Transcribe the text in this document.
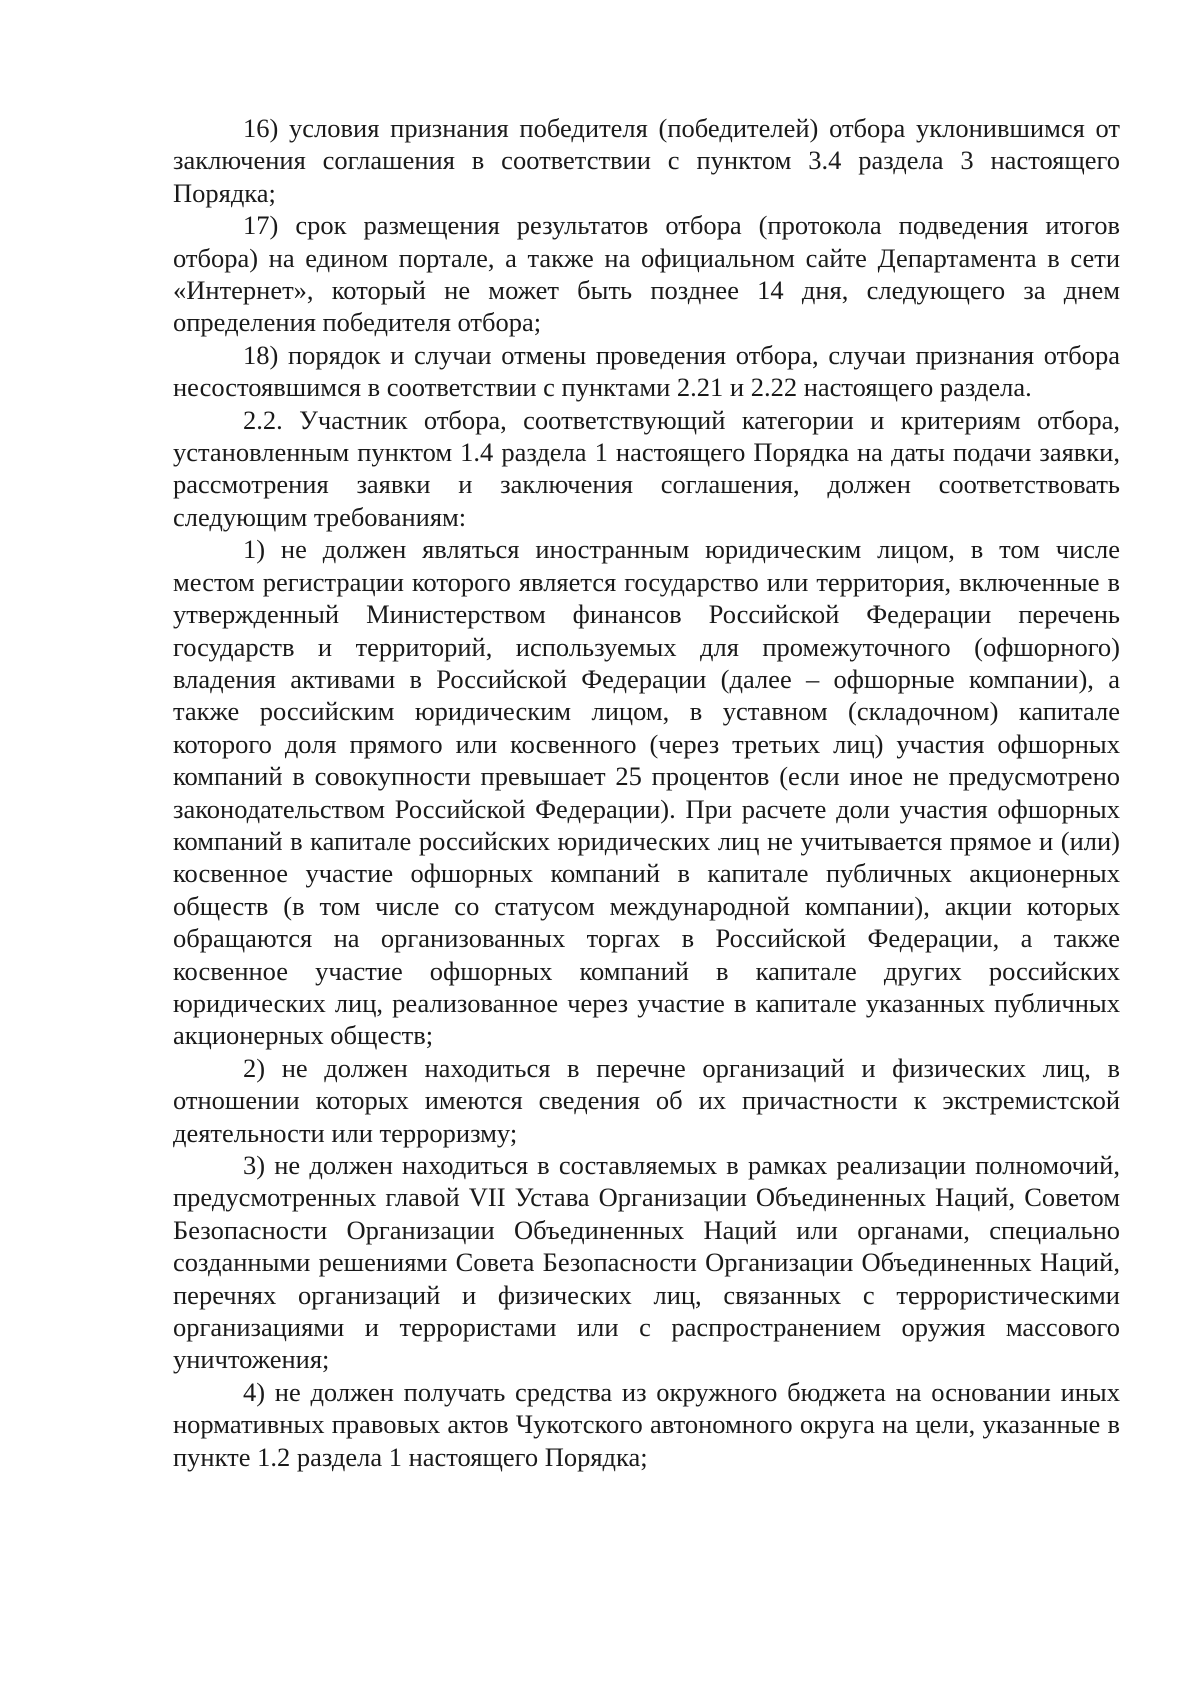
16) условия признания победителя (победителей) отбора уклонившимся от заключения соглашения в соответствии с пунктом 3.4 раздела 3 настоящего Порядка;

17) срок размещения результатов отбора (протокола подведения итогов отбора) на едином портале, а также на официальном сайте Департамента в сети «Интернет», который не может быть позднее 14 дня, следующего за днем определения победителя отбора;

18) порядок и случаи отмены проведения отбора, случаи признания отбора несостоявшимся в соответствии с пунктами 2.21 и 2.22 настоящего раздела.

2.2. Участник отбора, соответствующий категории и критериям отбора, установленным пунктом 1.4 раздела 1 настоящего Порядка на даты подачи заявки, рассмотрения заявки и заключения соглашения, должен соответствовать следующим требованиям:

1) не должен являться иностранным юридическим лицом, в том числе местом регистрации которого является государство или территория, включенные в утвержденный Министерством финансов Российской Федерации перечень государств и территорий, используемых для промежуточного (офшорного) владения активами в Российской Федерации (далее – офшорные компании), а также российским юридическим лицом, в уставном (складочном) капитале которого доля прямого или косвенного (через третьих лиц) участия офшорных компаний в совокупности превышает 25 процентов (если иное не предусмотрено законодательством Российской Федерации). При расчете доли участия офшорных компаний в капитале российских юридических лиц не учитывается прямое и (или) косвенное участие офшорных компаний в капитале публичных акционерных обществ (в том числе со статусом международной компании), акции которых обращаются на организованных торгах в Российской Федерации, а также косвенное участие офшорных компаний в капитале других российских юридических лиц, реализованное через участие в капитале указанных публичных акционерных обществ;

2) не должен находиться в перечне организаций и физических лиц, в отношении которых имеются сведения об их причастности к экстремистской деятельности или терроризму;

3) не должен находиться в составляемых в рамках реализации полномочий, предусмотренных главой VII Устава Организации Объединенных Наций, Советом Безопасности Организации Объединенных Наций или органами, специально созданными решениями Совета Безопасности Организации Объединенных Наций, перечнях организаций и физических лиц, связанных с террористическими организациями и террористами или с распространением оружия массового уничтожения;

4) не должен получать средства из окружного бюджета на основании иных нормативных правовых актов Чукотского автономного округа на цели, указанные в пункте 1.2 раздела 1 настоящего Порядка;
